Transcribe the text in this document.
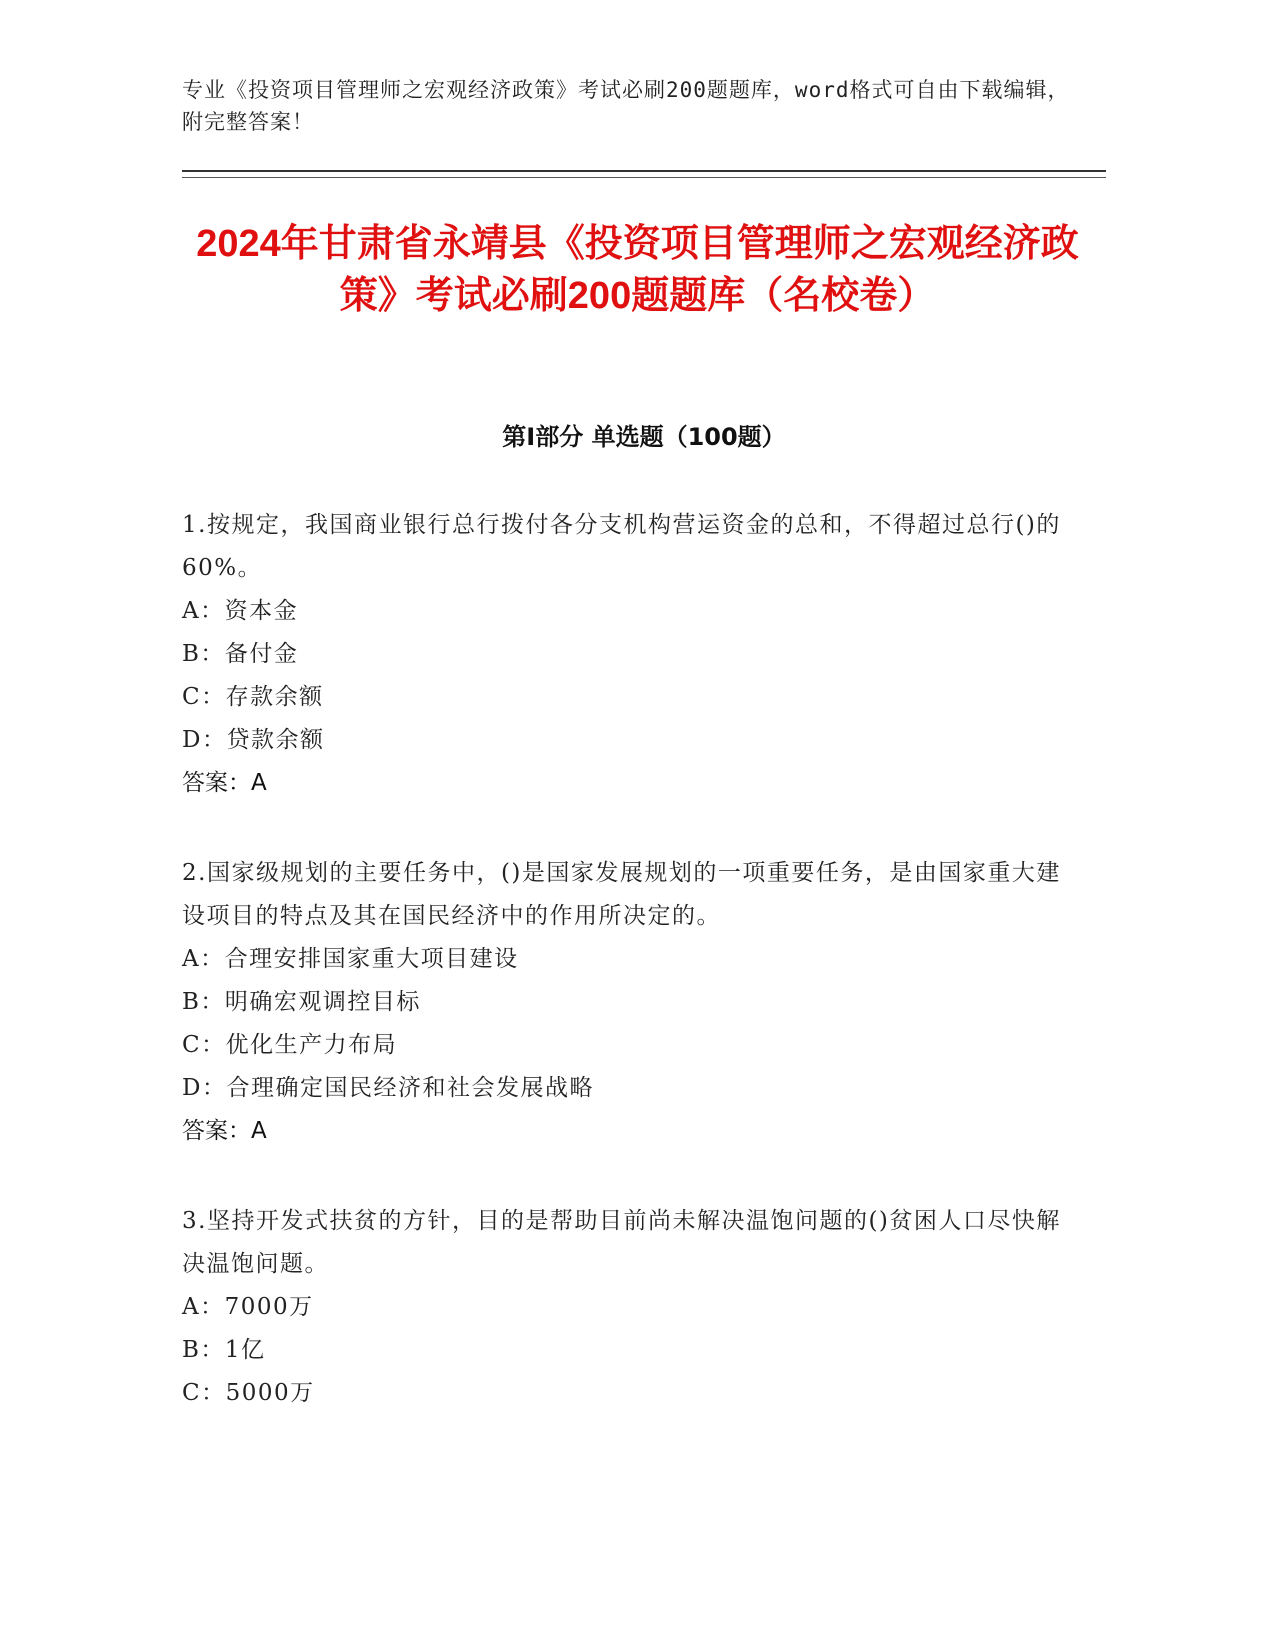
专业《投资项目管理师之宏观经济政策》考试必刷200题题库，word格式可自由下载编辑，附完整答案！
2024年甘肃省永靖县《投资项目管理师之宏观经济政策》考试必刷200题题库（名校卷）
第Ⅰ部分 单选题（100题）

1.按规定，我国商业银行总行拨付各分支机构营运资金的总和，不得超过总行()的60%。

A：资本金

B：备付金

C：存款余额

D：贷款余额

答案：A

2.国家级规划的主要任务中，()是国家发展规划的一项重要任务，是由国家重大建设项目的特点及其在国民经济中的作用所决定的。

A：合理安排国家重大项目建设

B：明确宏观调控目标

C：优化生产力布局

D：合理确定国民经济和社会发展战略

答案：A

3.坚持开发式扶贫的方针，目的是帮助目前尚未解决温饱问题的()贫困人口尽快解决温饱问题。

A：7000万

B：1亿

C：5000万
